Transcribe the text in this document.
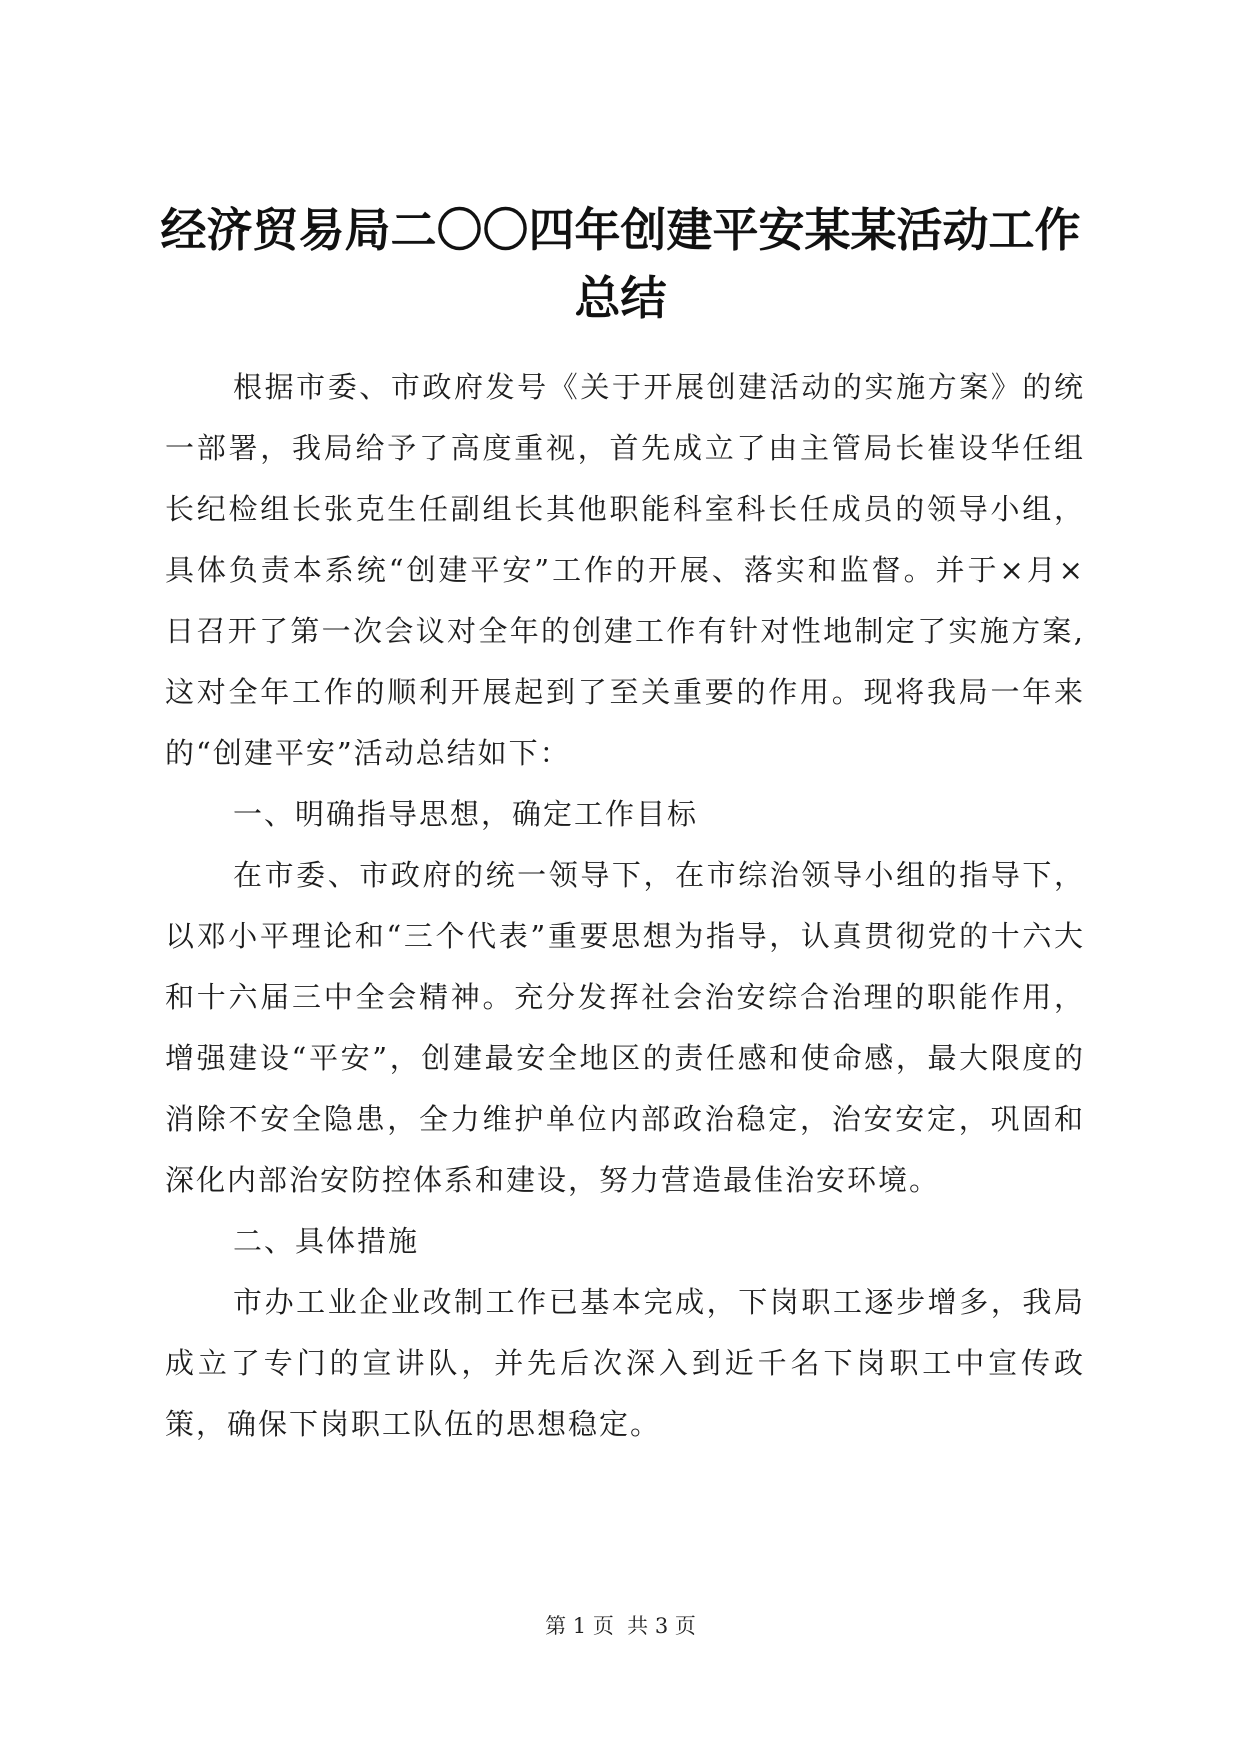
经济贸易局二〇〇四年创建平安某某活动工作总结

根据市委、市政府发号《关于开展创建活动的实施方案》的统一部署，我局给予了高度重视，首先成立了由主管局长崔设华任组长纪检组长张克生任副组长其他职能科室科长任成员的领导小组，具体负责本系统“创建平安”工作的开展、落实和监督。并于×月×日召开了第一次会议对全年的创建工作有针对性地制定了实施方案,这对全年工作的顺利开展起到了至关重要的作用。现将我局一年来的“创建平安”活动总结如下：

一、明确指导思想，确定工作目标

在市委、市政府的统一领导下，在市综治领导小组的指导下，以邓小平理论和“三个代表”重要思想为指导，认真贯彻党的十六大和十六届三中全会精神。充分发挥社会治安综合治理的职能作用，增强建设“平安”，创建最安全地区的责任感和使命感，最大限度的消除不安全隐患，全力维护单位内部政治稳定，治安安定，巩固和深化内部治安防控体系和建设，努力营造最佳治安环境。

二、具体措施

市办工业企业改制工作已基本完成，下岗职工逐步增多，我局成立了专门的宣讲队，并先后次深入到近千名下岗职工中宣传政策，确保下岗职工队伍的思想稳定。

第 1 页  共 3 页
